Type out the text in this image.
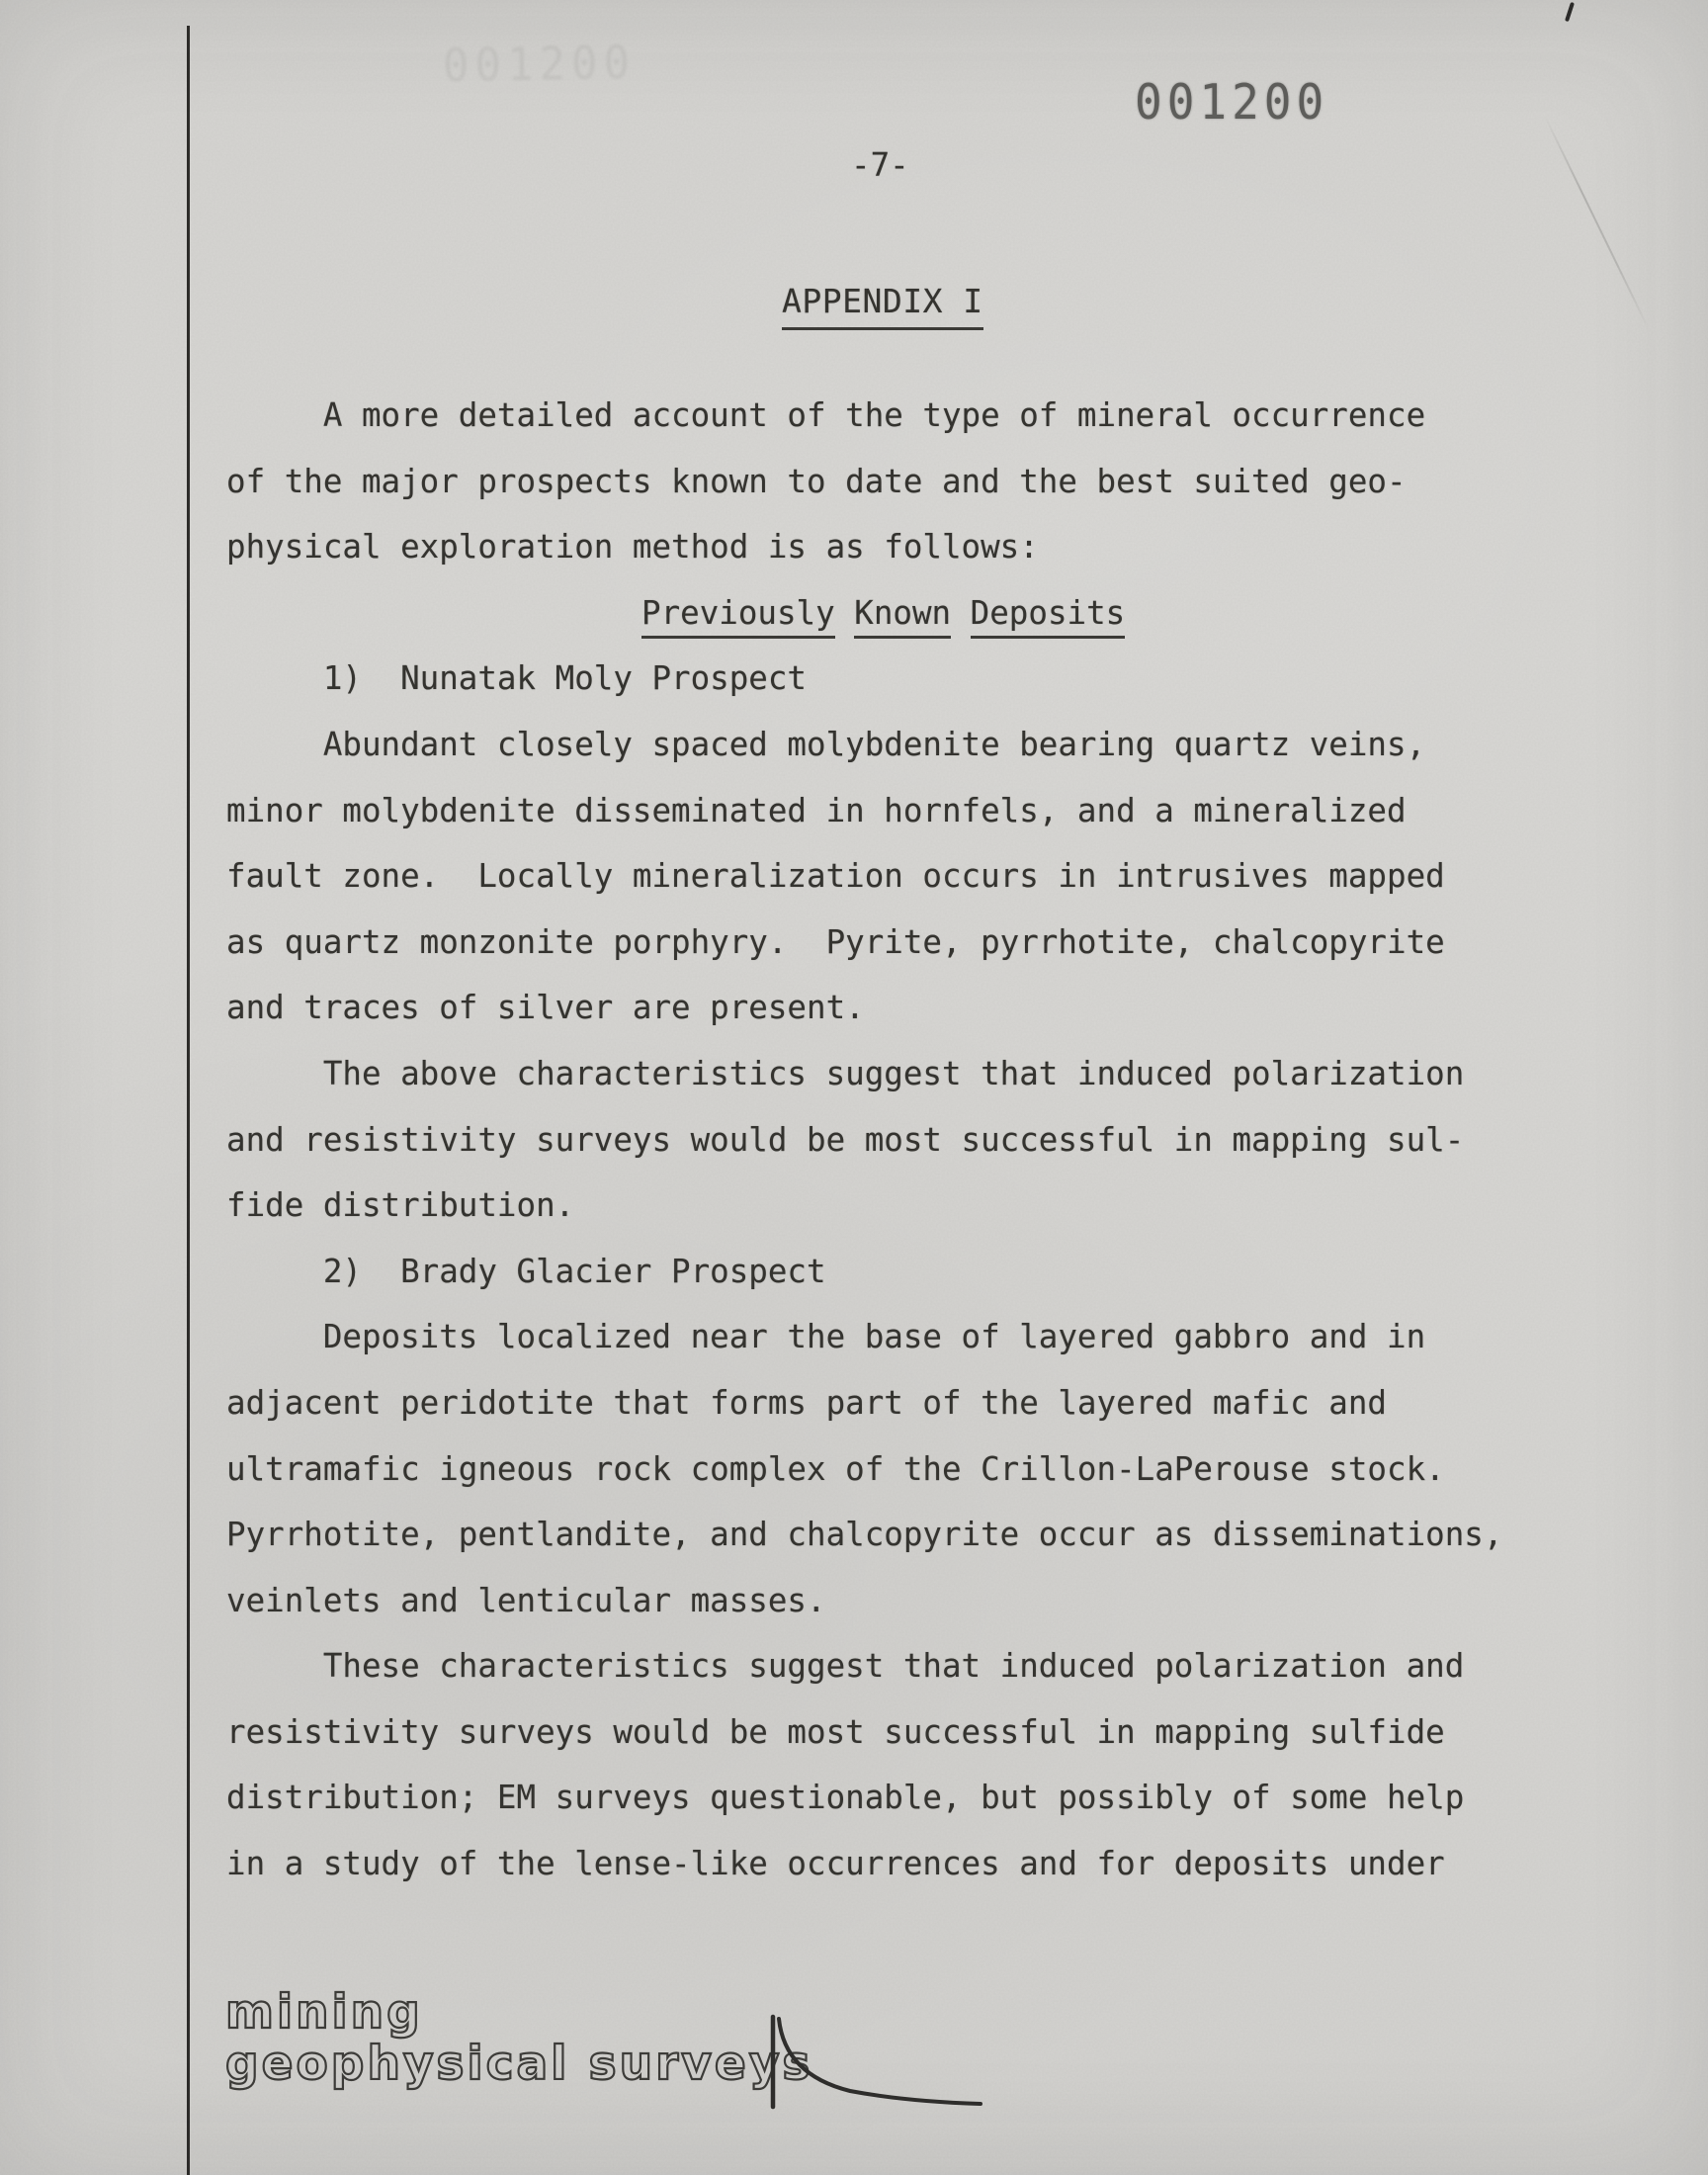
001200
001200
-7-
APPENDIX I
A more detailed account of the type of mineral occurrence
of the major prospects known to date and the best suited geo-
physical exploration method is as follows:
Previously Known Deposits
1)  Nunatak Moly Prospect
Abundant closely spaced molybdenite bearing quartz veins,
minor molybdenite disseminated in hornfels, and a mineralized
fault zone.  Locally mineralization occurs in intrusives mapped
as quartz monzonite porphyry.  Pyrite, pyrrhotite, chalcopyrite
and traces of silver are present.
The above characteristics suggest that induced polarization
and resistivity surveys would be most successful in mapping sul-
fide distribution.
2)  Brady Glacier Prospect
Deposits localized near the base of layered gabbro and in
adjacent peridotite that forms part of the layered mafic and
ultramafic igneous rock complex of the Crillon-LaPerouse stock.
Pyrrhotite, pentlandite, and chalcopyrite occur as disseminations,
veinlets and lenticular masses.
These characteristics suggest that induced polarization and
resistivity surveys would be most successful in mapping sulfide
distribution; EM surveys questionable, but possibly of some help
in a study of the lense-like occurrences and for deposits under
mining
geophysical surveys
